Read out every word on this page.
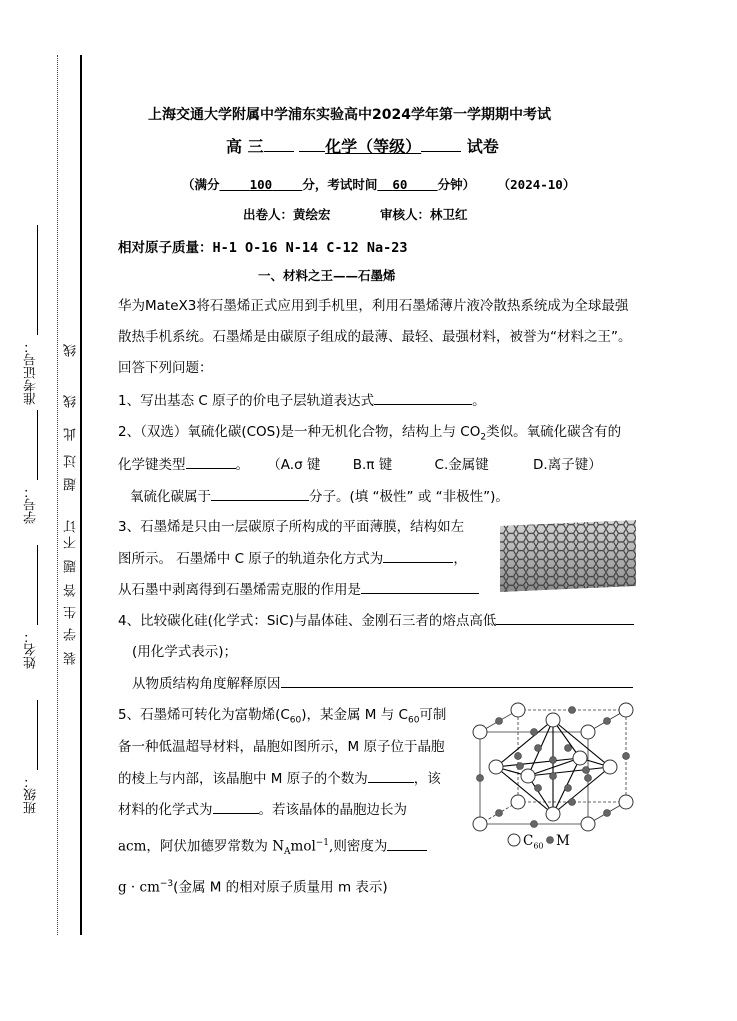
班级：
姓名：
学号：
准考证号：
装
订
线
学
生
答
题
不
超
过
此
线
上海交通大学附属中学浦东实验高中2024学年第一学期期中考试
高 三	化学（等级）	试卷
（满分 100 分，考试时间 60 分钟） （2024-10）
出卷人：黄绘宏	审核人：林卫红
相对原子质量：H-1 O-16 N-14 C-12 Na-23
一、材料之王——石墨烯
华为MateX3将石墨烯正式应用到手机里，利用石墨烯薄片液冷散热系统成为全球最强
散热手机系统。石墨烯是由碳原子组成的最薄、最轻、最强材料，被誉为“材料之王”。
回答下列问题：
1、写出基态 C 原子的价电子层轨道表达式	。
2、（双选）氧硫化碳(COS)是一种无机化合物，结构上与 $CO_2$类似。氧硫化碳含有的
化学键类型	。 （A.σ 键 B.π 键	C.金属键	D.离子键）
氧硫化碳属于	分子。(填 “极性” 或 “非极性”)。
3、石墨烯是只由一层碳原子所构成的平面薄膜，结构如左
图所示。 石墨烯中 C 原子的轨道杂化方式为	，
从石墨中剥离得到石墨烯需克服的作用是
4、比较碳化硅(化学式：SiC)与晶体硅、金刚石三者的熔点高低
(用化学式表示)；
从物质结构角度解释原因
5、石墨烯可转化为富勒烯$(C_{60})$，某金属 M 与 $C_{60}$可制
备一种低温超导材料，晶胞如图所示，M 原子位于晶胞
的棱上与内部，该晶胞中 M 原子的个数为	，该
材料的化学式为	。若该晶体的晶胞边长为
acm，阿伏加德罗常数为 $N_Amol^{-1}$,则密度为
$g \cdot cm^{-3}$(金属 M 的相对原子质量用 m 表示)
$C_{60}$ M
